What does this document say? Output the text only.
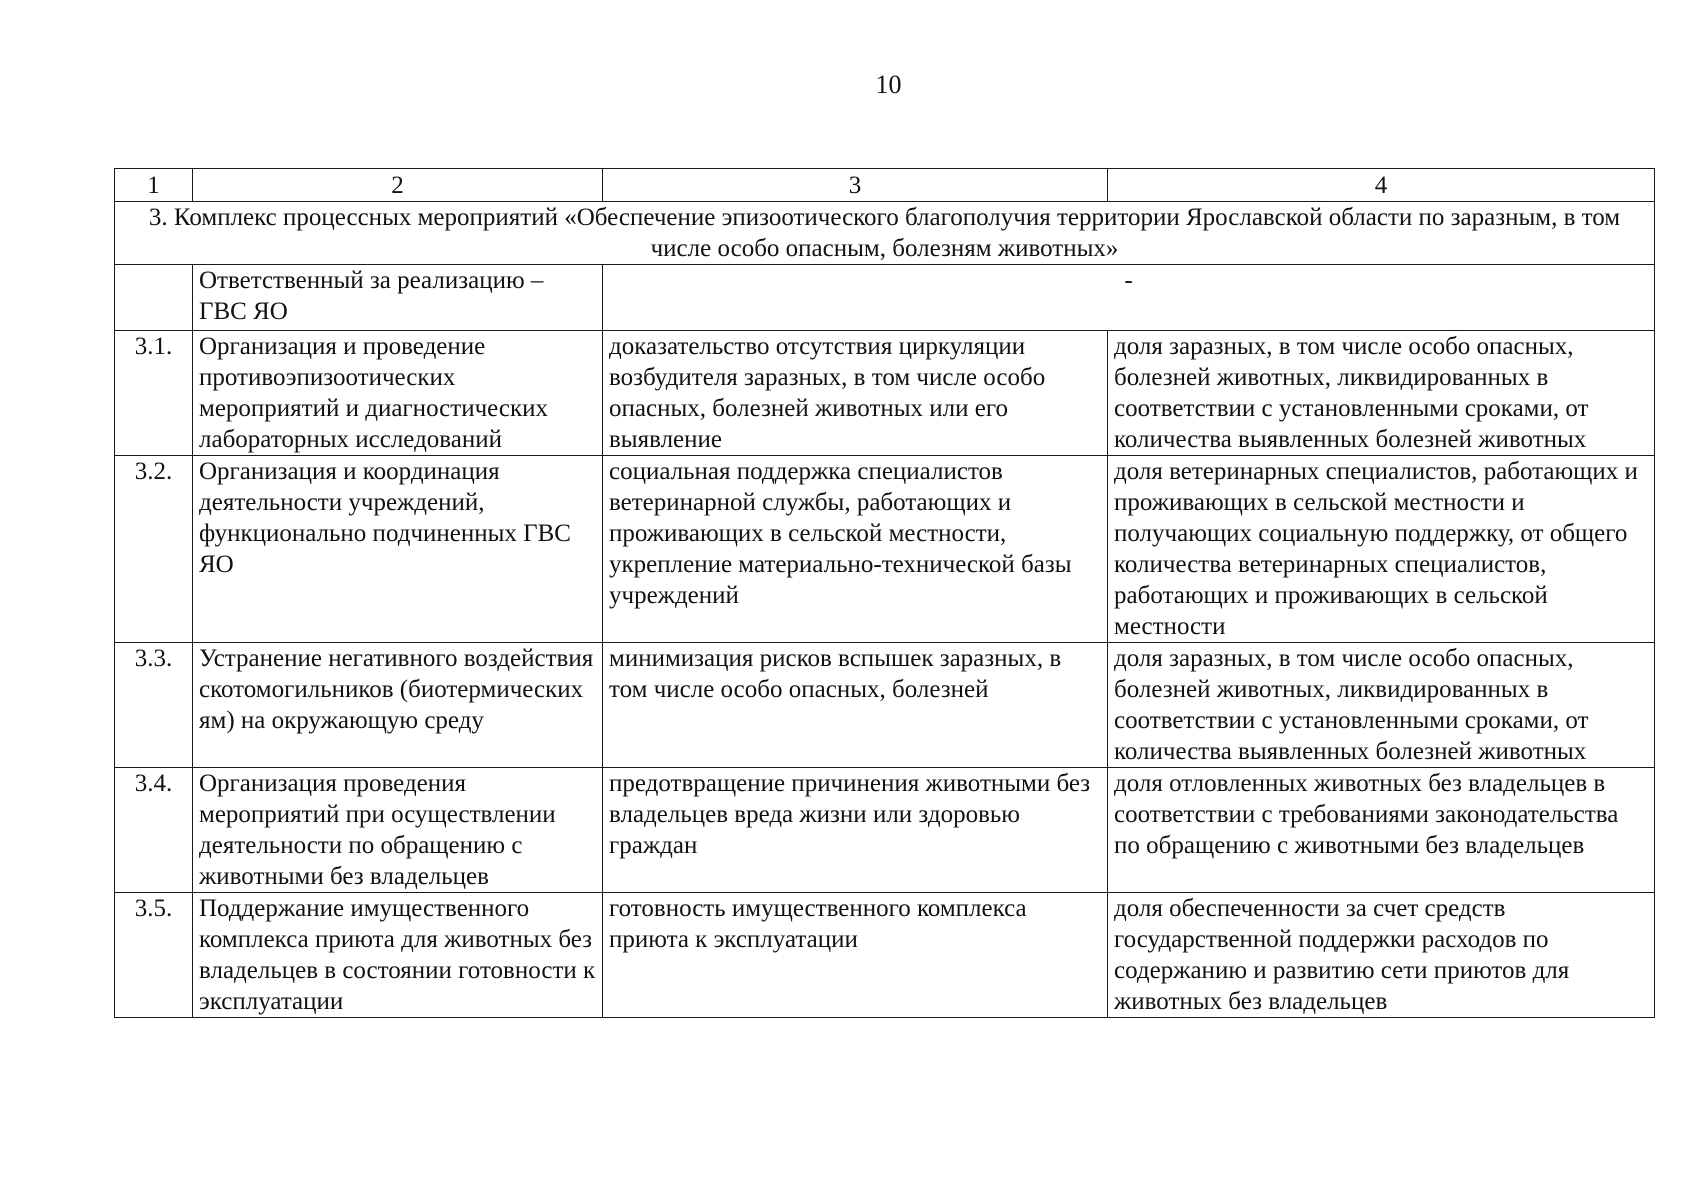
10
1	2	3	4
3. Комплекс процессных мероприятий «Обеспечение эпизоотического благополучия территории Ярославской области по заразным, в том числе особо опасным, болезням животных»			
	Ответственный за реализацию – ГВС ЯО	-	
3.1.	Организация и проведение противоэпизоотических мероприятий и диагностических лабораторных исследований	доказательство отсутствия циркуляции возбудителя заразных, в том числе особо опасных, болезней животных или его выявление	доля заразных, в том числе особо опасных, болезней животных, ликвидированных в соответствии с установленными сроками, от количества выявленных болезней животных
3.2.	Организация и координация деятельности учреждений, функционально подчиненных ГВС ЯО	социальная поддержка специалистов ветеринарной службы, работающих и проживающих в сельской местности, укрепление материально-технической базы учреждений	доля ветеринарных специалистов, работающих и проживающих в сельской местности и получающих социальную поддержку, от общего количества ветеринарных специалистов, работающих и проживающих в сельской местности
3.3.	Устранение негативного воздействия скотомогильников (биотермических ям) на окружающую среду	минимизация рисков вспышек заразных, в том числе особо опасных, болезней	доля заразных, в том числе особо опасных, болезней животных, ликвидированных в соответствии с установленными сроками, от количества выявленных болезней животных
3.4.	Организация проведения мероприятий при осуществлении деятельности по обращению с животными без владельцев	предотвращение причинения животными без владельцев вреда жизни или здоровью граждан	доля отловленных животных без владельцев в соответствии с требованиями законодательства по обращению с животными без владельцев
3.5.	Поддержание имущественного комплекса приюта для животных без владельцев в состоянии готовности к эксплуатации	готовность имущественного комплекса приюта к эксплуатации	доля обеспеченности за счет средств государственной поддержки расходов по содержанию и развитию сети приютов для животных без владельцев
